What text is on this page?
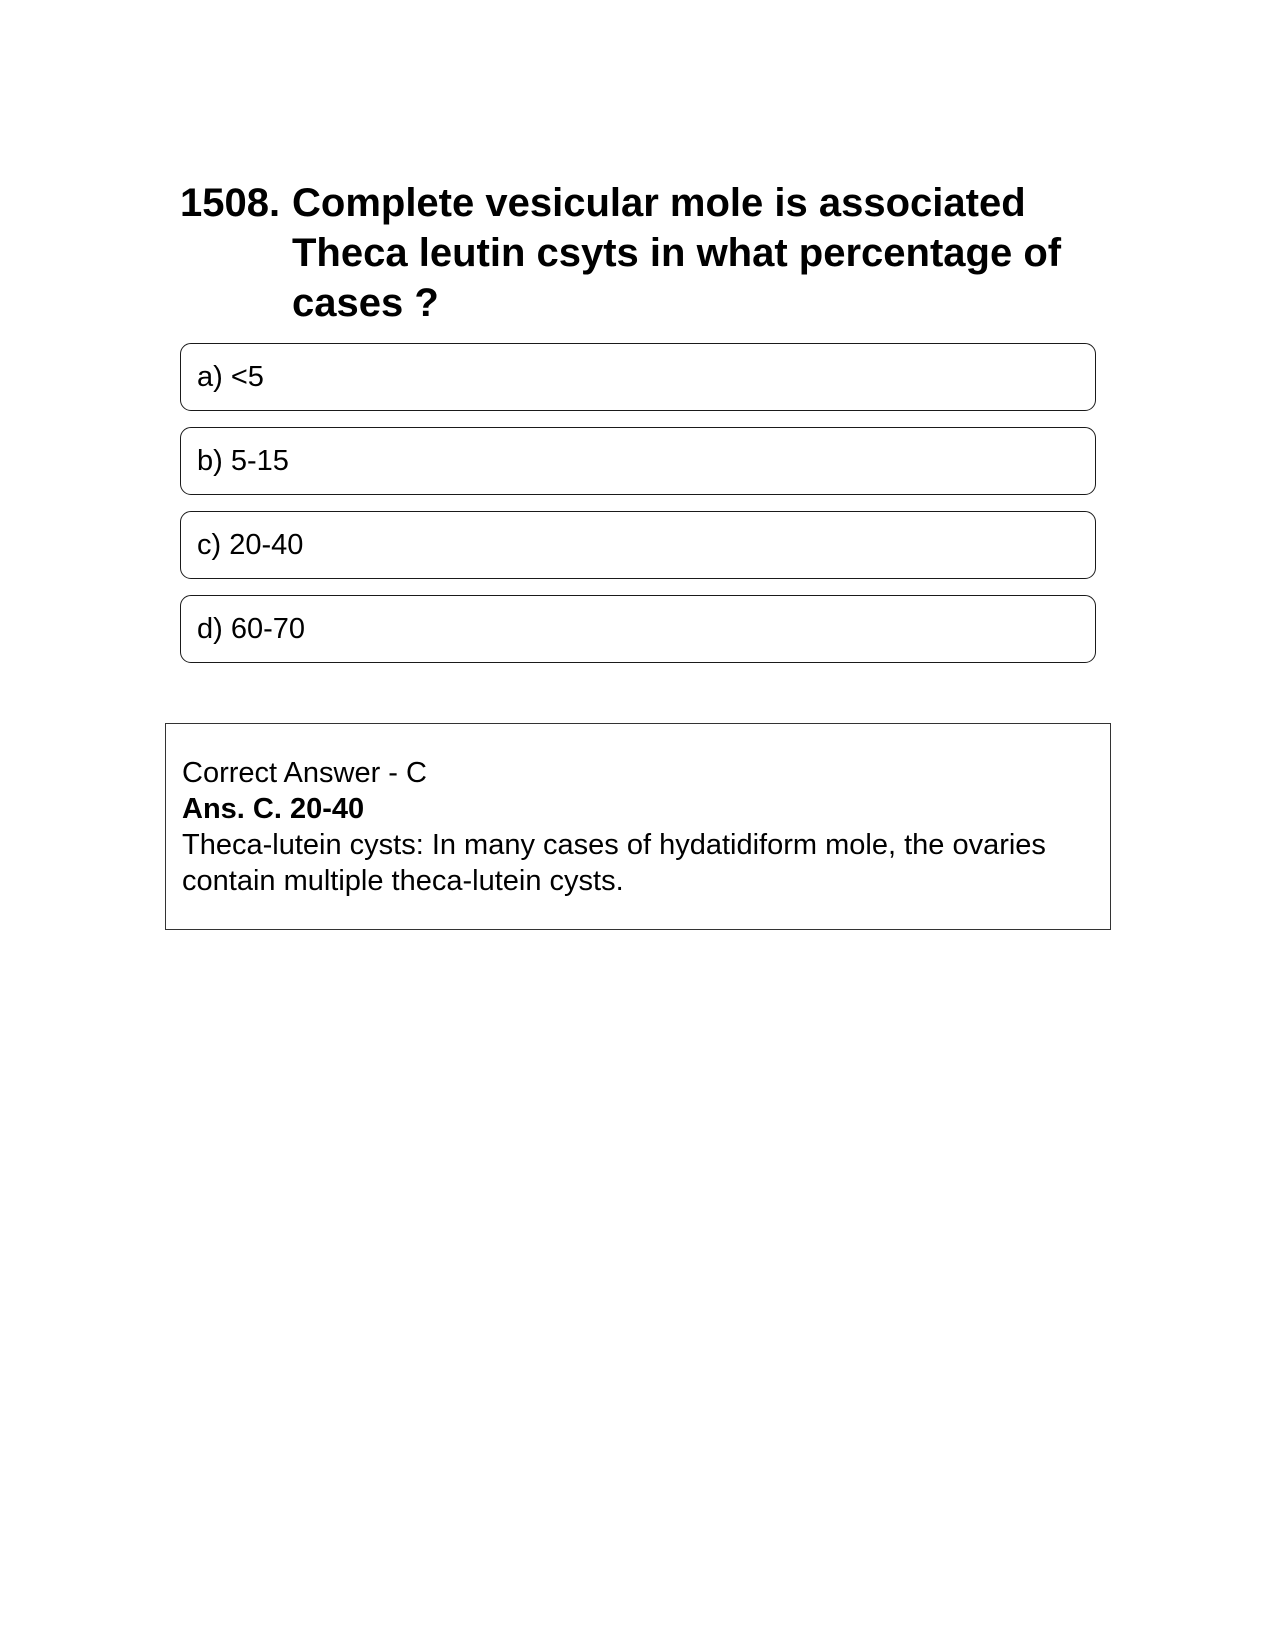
1508. Complete vesicular mole is associated Theca leutin csyts in what percentage of cases ?
a) <5
b) 5-15
c) 20-40
d) 60-70
Correct Answer - C
Ans. C. 20-40
Theca-lutein cysts: In many cases of hydatidiform mole, the ovaries contain multiple theca-lutein cysts.
